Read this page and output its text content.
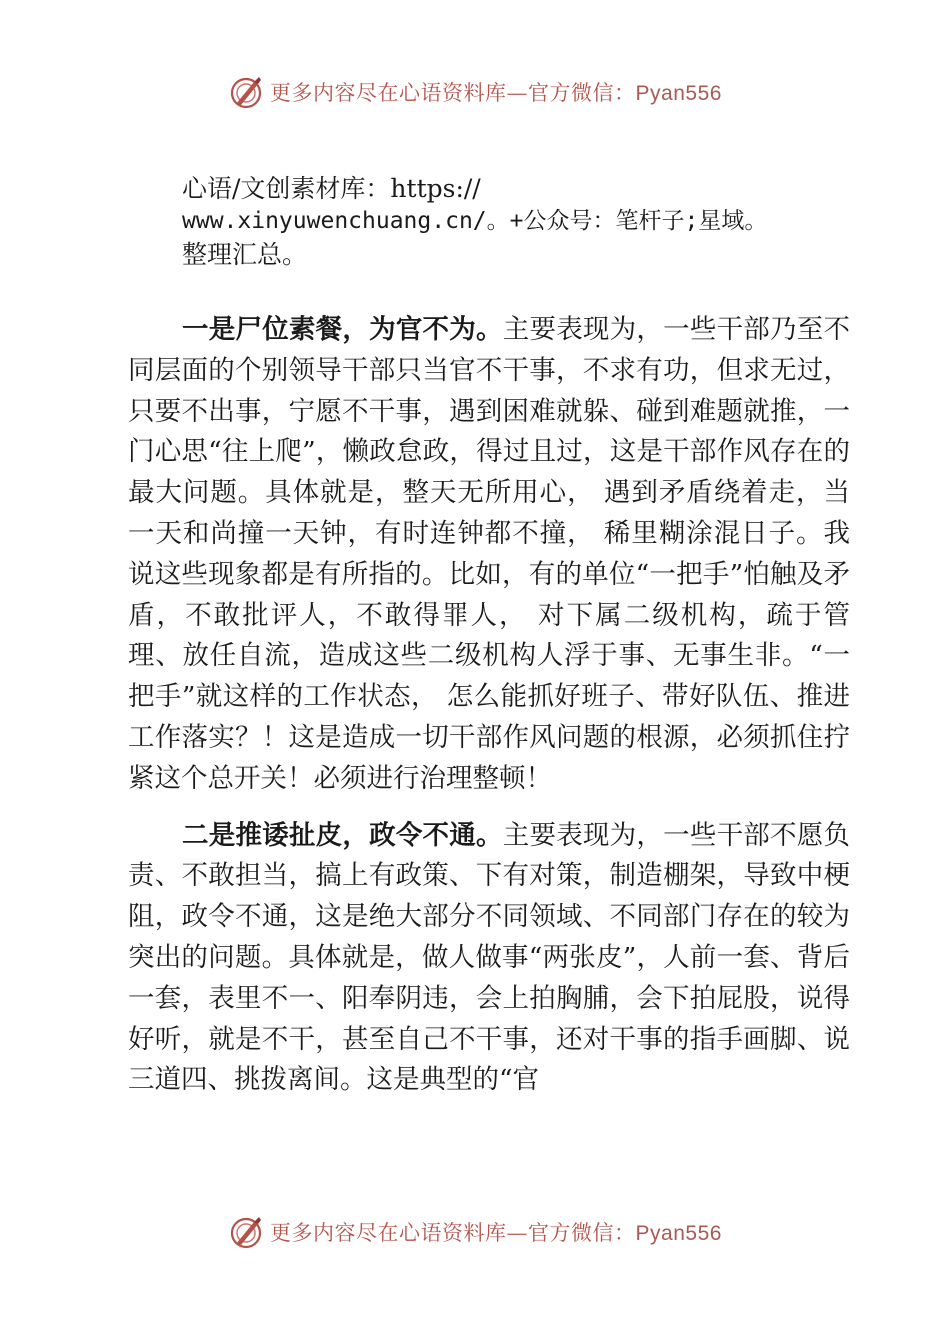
更多内容尽在心语资料库—官方微信：Pyan556
心语/文创素材库：https://
www.xinyuwenchuang.cn/。+公众号：笔杆子;星域。
整理汇总。

一是尸位素餐，为官不为。主要表现为，一些干部乃至不同层面的个别领导干部只当官不干事，不求有功，但求无过，只要不出事，宁愿不干事，遇到困难就躲、碰到难题就推，一门心思“往上爬”，懒政怠政，得过且过，这是干部作风存在的最大问题。具体就是，整天无所用心， 遇到矛盾绕着走，当一天和尚撞一天钟，有时连钟都不撞， 稀里糊涂混日子。我说这些现象都是有所指的。比如，有的单位“一把手”怕触及矛盾，不敢批评人，不敢得罪人， 对下属二级机构，疏于管理、放任自流，造成这些二级机构人浮于事、无事生非。“一把手”就这样的工作状态， 怎么能抓好班子、带好队伍、推进工作落实？！这是造成一切干部作风问题的根源，必须抓住拧紧这个总开关！必须进行治理整顿！

二是推诿扯皮，政令不通。主要表现为，一些干部不愿负责、不敢担当，搞上有政策、下有对策，制造棚架，导致中梗阻，政令不通，这是绝大部分不同领域、不同部门存在的较为突出的问题。具体就是，做人做事“两张皮”，人前一套、背后一套，表里不一、阳奉阴违，会上拍胸脯，会下拍屁股，说得好听，就是不干，甚至自己不干事，还对干事的指手画脚、说三道四、挑拨离间。这是典型的“官

更多内容尽在心语资料库—官方微信：Pyan556
